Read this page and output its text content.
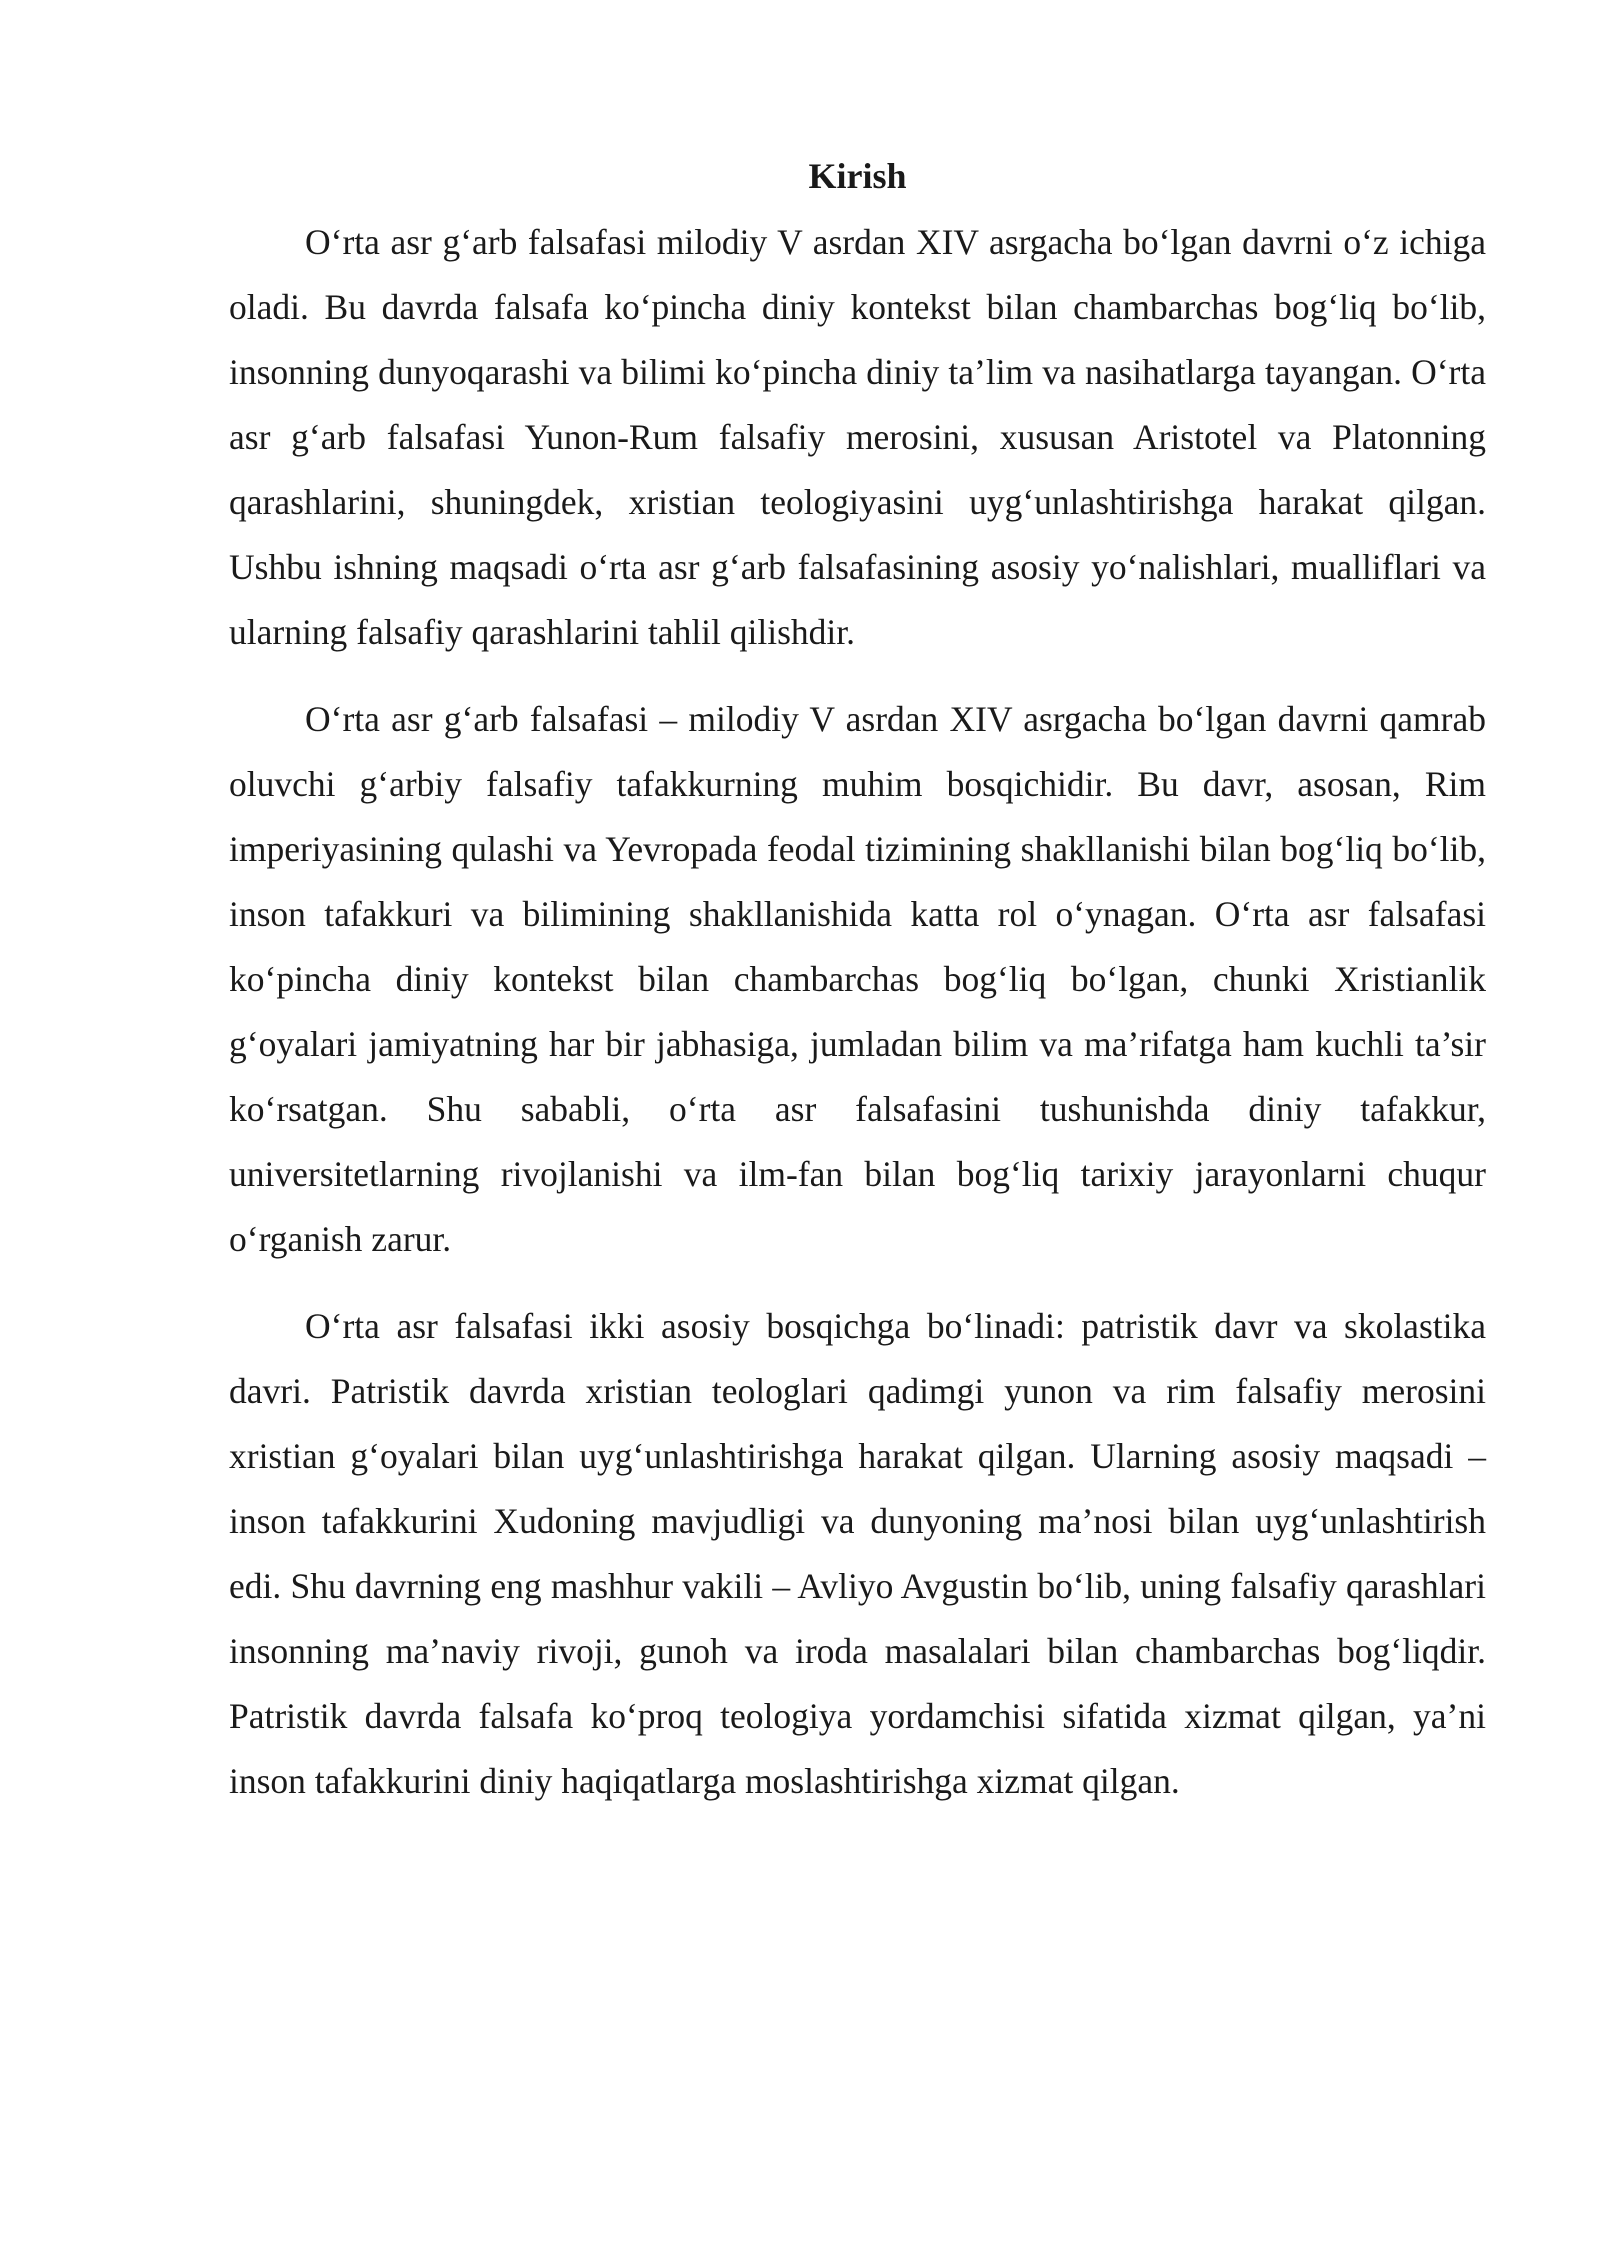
Kirish

O‘rta asr g‘arb falsafasi milodiy V asrdan XIV asrgacha bo‘lgan davrni o‘z ichiga oladi. Bu davrda falsafa ko‘pincha diniy kontekst bilan chambarchas bog‘liq bo‘lib, insonning dunyoqarashi va bilimi ko‘pincha diniy ta’lim va nasihatlarga tayangan. O‘rta asr g‘arb falsafasi Yunon-Rum falsafiy merosini, xususan Aristotel va Platonning qarashlarini, shuningdek, xristian teologiyasini uyg‘unlashtirishga harakat qilgan. Ushbu ishning maqsadi o‘rta asr g‘arb falsafasining asosiy yo‘nalishlari, mualliflari va ularning falsafiy qarashlarini tahlil qilishdir.

O‘rta asr g‘arb falsafasi – milodiy V asrdan XIV asrgacha bo‘lgan davrni qamrab oluvchi g‘arbiy falsafiy tafakkurning muhim bosqichidir. Bu davr, asosan, Rim imperiyasining qulashi va Yevropada feodal tizimining shakllanishi bilan bog‘liq bo‘lib, inson tafakkuri va bilimining shakllanishida katta rol o‘ynagan. O‘rta asr falsafasi ko‘pincha diniy kontekst bilan chambarchas bog‘liq bo‘lgan, chunki Xristianlik g‘oyalari jamiyatning har bir jabhasiga, jumladan bilim va ma’rifatga ham kuchli ta’sir ko‘rsatgan. Shu sababli, o‘rta asr falsafasini tushunishda diniy tafakkur, universitetlarning rivojlanishi va ilm-fan bilan bog‘liq tarixiy jarayonlarni chuqur o‘rganish zarur.

O‘rta asr falsafasi ikki asosiy bosqichga bo‘linadi: patristik davr va skolastika davri. Patristik davrda xristian teologlari qadimgi yunon va rim falsafiy merosini xristian g‘oyalari bilan uyg‘unlashtirishga harakat qilgan. Ularning asosiy maqsadi – inson tafakkurini Xudoning mavjudligi va dunyoning ma’nosi bilan uyg‘unlashtirish edi. Shu davrning eng mashhur vakili – Avliyo Avgustin bo‘lib, uning falsafiy qarashlari insonning ma’naviy rivoji, gunoh va iroda masalalari bilan chambarchas bog‘liqdir. Patristik davrda falsafa ko‘proq teologiya yordamchisi sifatida xizmat qilgan, ya’ni inson tafakkurini diniy haqiqatlarga moslashtirishga xizmat qilgan.
